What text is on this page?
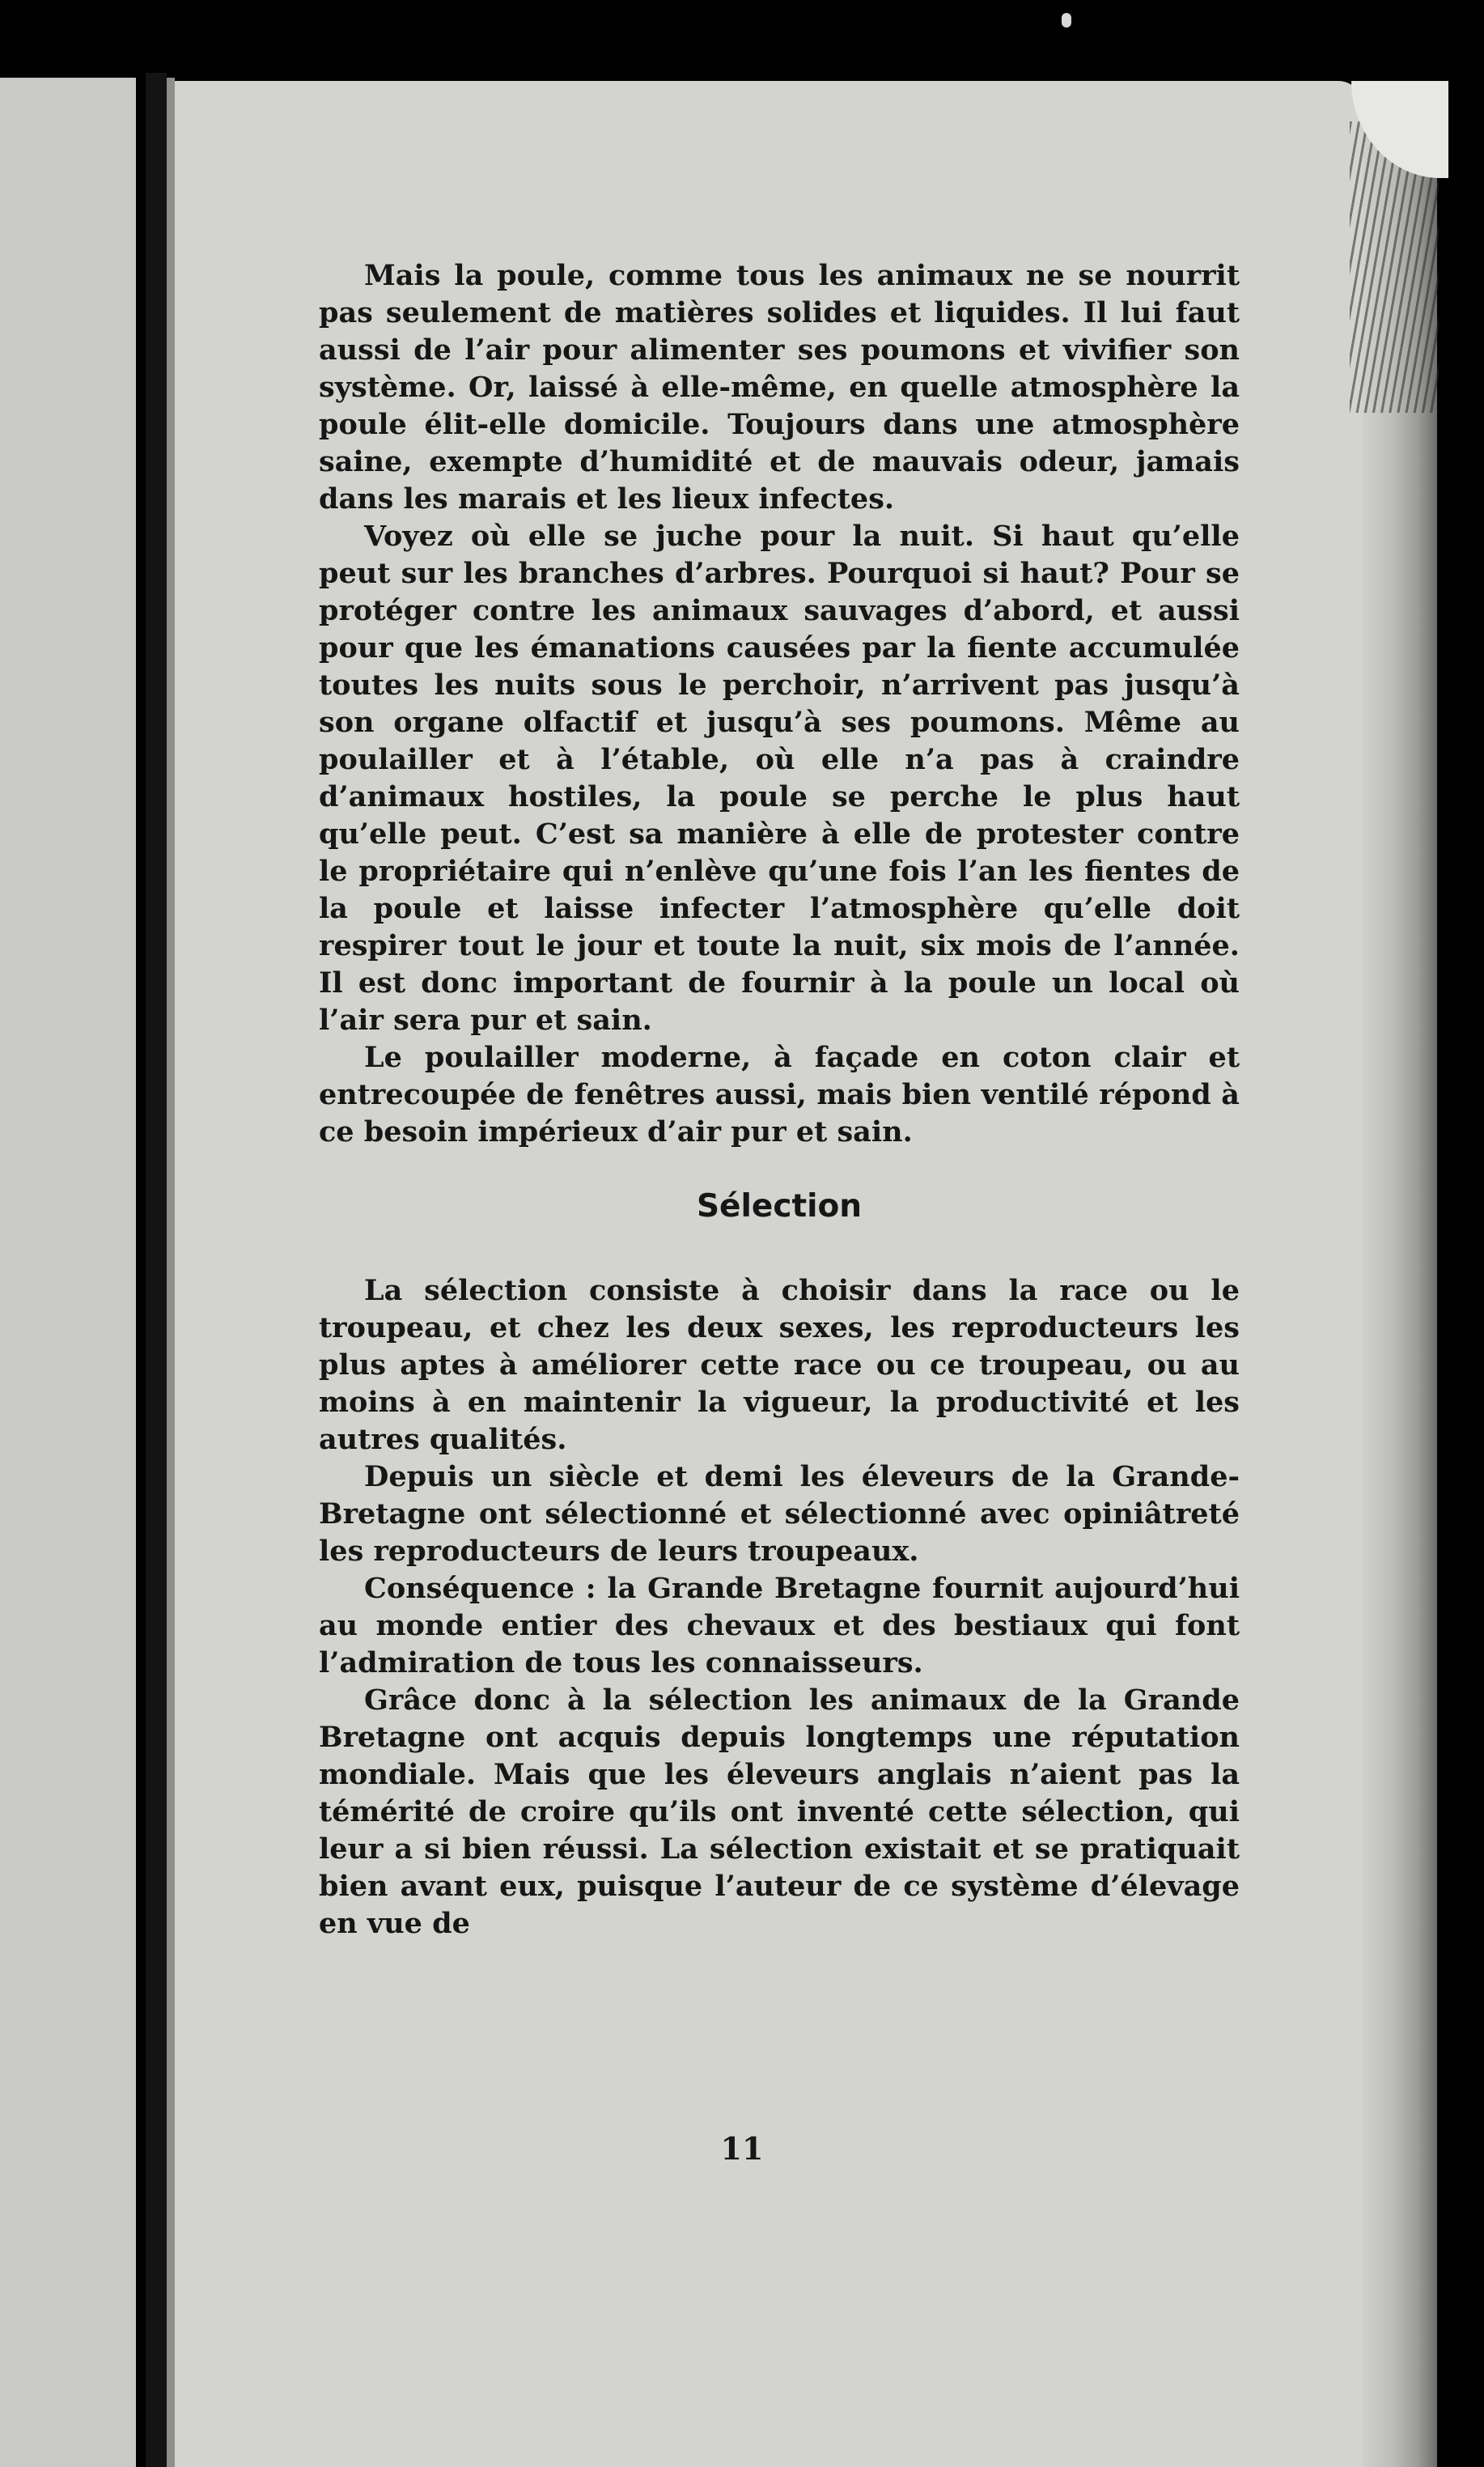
Mais la poule, comme tous les animaux ne se nourrit pas seulement de matières solides et liquides. Il lui faut aussi de l’air pour alimenter ses poumons et vivifier son système. Or, laissé à elle-même, en quelle atmosphère la poule élit-elle domicile. Toujours dans une atmosphère saine, exempte d’humidité et de mauvais odeur, jamais dans les marais et les lieux infectes.

Voyez où elle se juche pour la nuit. Si haut qu’elle peut sur les branches d’arbres. Pourquoi si haut? Pour se protéger contre les animaux sauvages d’abord, et aussi pour que les émanations causées par la fiente accumulée toutes les nuits sous le perchoir, n’arrivent pas jusqu’à son organe olfactif et jusqu’à ses poumons. Même au poulailler et à l’étable, où elle n’a pas à craindre d’animaux hostiles, la poule se perche le plus haut qu’elle peut. C’est sa manière à elle de protester contre le propriétaire qui n’enlève qu’une fois l’an les fientes de la poule et laisse infecter l’atmosphère qu’elle doit respirer tout le jour et toute la nuit, six mois de l’année. Il est donc important de fournir à la poule un local où l’air sera pur et sain.

Le poulailler moderne, à façade en coton clair et entrecoupée de fenêtres aussi, mais bien ventilé répond à ce besoin impérieux d’air pur et sain.

Sélection

La sélection consiste à choisir dans la race ou le troupeau, et chez les deux sexes, les reproducteurs les plus aptes à améliorer cette race ou ce troupeau, ou au moins à en maintenir la vigueur, la productivité et les autres qualités.

Depuis un siècle et demi les éleveurs de la Grande-Bretagne ont sélectionné et sélectionné avec opiniâtreté les reproducteurs de leurs troupeaux.

Conséquence : la Grande Bretagne fournit aujourd’hui au monde entier des chevaux et des bestiaux qui font l’admiration de tous les connaisseurs.

Grâce donc à la sélection les animaux de la Grande Bretagne ont acquis depuis longtemps une réputation mondiale. Mais que les éleveurs anglais n’aient pas la témérité de croire qu’ils ont inventé cette sélection, qui leur a si bien réussi. La sélection existait et se pratiquait bien avant eux, puisque l’auteur de ce système d’élevage en vue de

11
